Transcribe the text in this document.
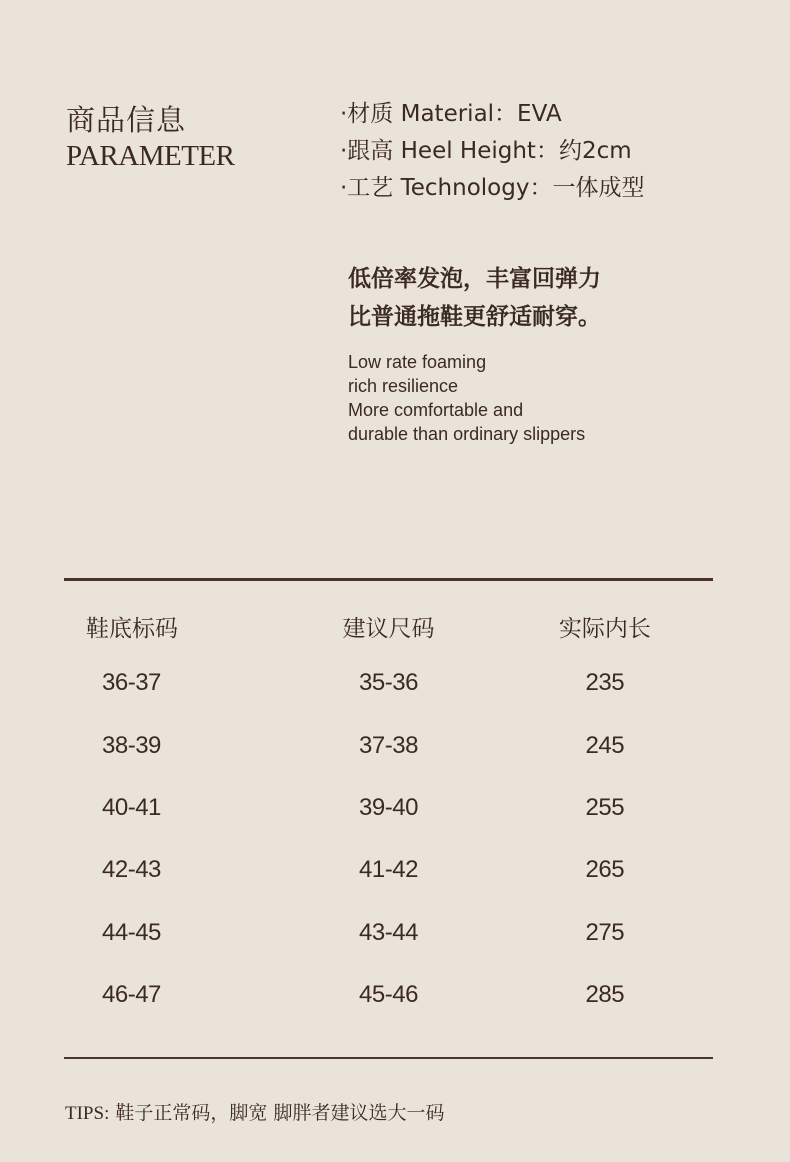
商品信息
PARAMETER
·材质 Material：EVA
·跟高 Heel Height：约2cm
·工艺 Technology：一体成型
低倍率发泡，丰富回弹力
比普通拖鞋更舒适耐穿。
Low rate foaming
rich resilience
More comfortable and
durable than ordinary slippers
鞋底标码	建议尺码	实际内长
36-37	35-36	235
38-39	37-38	245
40-41	39-40	255
42-43	41-42	265
44-45	43-44	275
46-47	45-46	285
TIPS: 鞋子正常码，脚宽 脚胖者建议选大一码
